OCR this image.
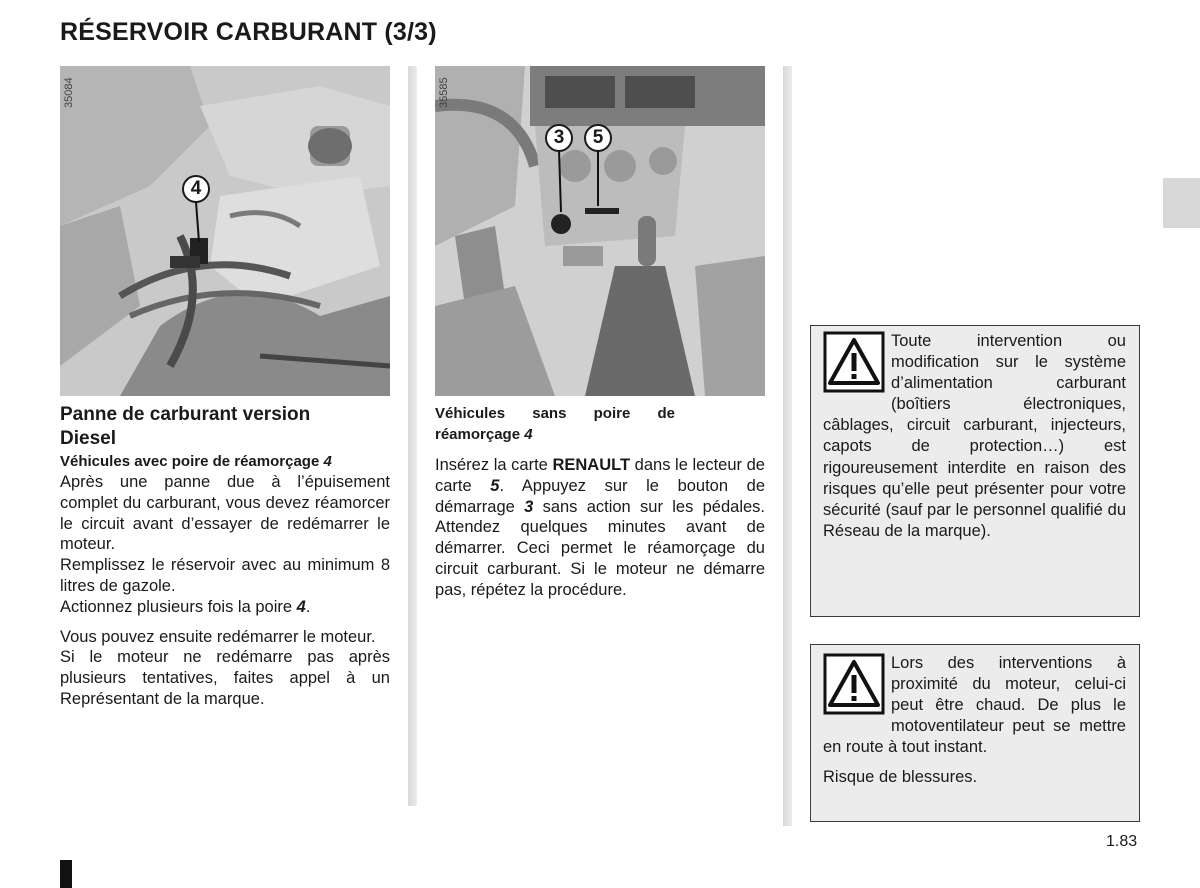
RÉSERVOIR CARBURANT (3/3)
35084
4
35585
3	5

Panne de carburant version
Diesel

Véhicules avec poire de réamorçage 4

Après une panne due à l’épuisement complet du carburant, vous devez réamorcer le circuit avant d’essayer de redémarrer le moteur.

Remplissez le réservoir avec au minimum 8 litres de gazole.

Actionnez plusieurs fois la poire 4.

Vous pouvez ensuite redémarrer le moteur.

Si le moteur ne redémarre pas après plusieurs tentatives, faites appel à un Représentant de la marque.

Véhicules sans poire de réamorçage 4

Insérez la carte RENAULT dans le lecteur de carte 5. Appuyez sur le bouton de démarrage 3 sans action sur les pédales. Attendez quelques minutes avant de démarrer. Ceci permet le réamorçage du circuit carburant. Si le moteur ne démarre pas, répétez la procédure.

Toute intervention ou modification sur le système d’alimentation carburant (boîtiers électroniques, câblages, circuit carburant, injecteurs, capots de protection…) est rigoureusement interdite en raison des risques qu’elle peut présenter pour votre sécurité (sauf par le personnel qualifié du Réseau de la marque).

Lors des interventions à proximité du moteur, celui-ci peut être chaud. De plus le motoventilateur peut se mettre en route à tout instant.

Risque de blessures.

1.83
